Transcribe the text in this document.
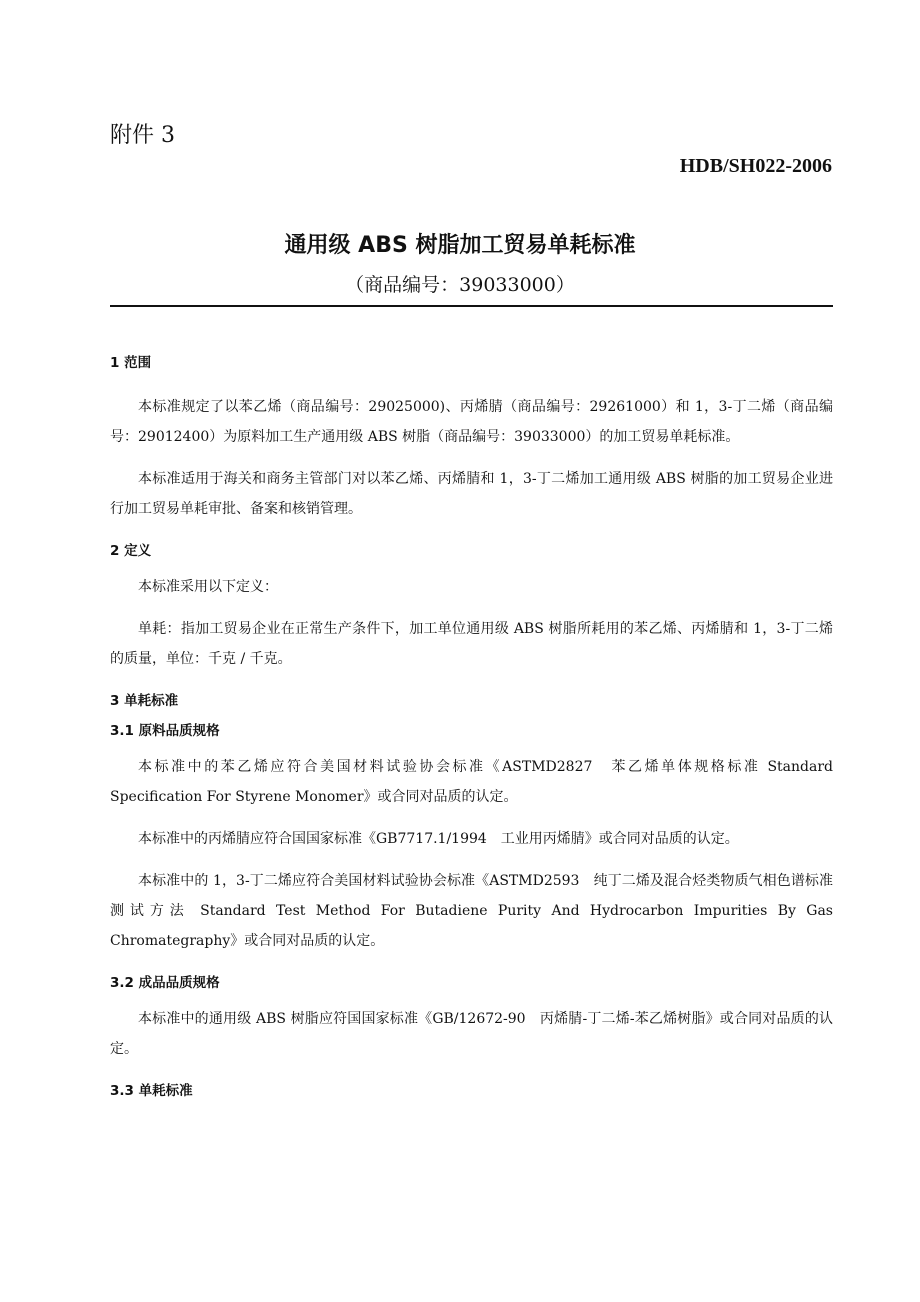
附件 3
HDB/SH022-2006
通用级 ABS 树脂加工贸易单耗标准
（商品编号：39033000）

1 范围

本标准规定了以苯乙烯（商品编号：29025000)、丙烯腈（商品编号：29261000）和 1，3-丁二烯（商品编号：29012400）为原料加工生产通用级 ABS 树脂（商品编号：39033000）的加工贸易单耗标准。

本标准适用于海关和商务主管部门对以苯乙烯、丙烯腈和 1，3-丁二烯加工通用级 ABS 树脂的加工贸易企业进行加工贸易单耗审批、备案和核销管理。

2 定义

本标准采用以下定义：

单耗：指加工贸易企业在正常生产条件下，加工单位通用级 ABS 树脂所耗用的苯乙烯、丙烯腈和 1，3-丁二烯的质量，单位：千克 / 千克。

3 单耗标准

3.1 原料品质规格

本标准中的苯乙烯应符合美国材料试验协会标准《ASTMD2827　苯乙烯单体规格标准 Standard Specification For Styrene Monomer》或合同对品质的认定。

本标准中的丙烯腈应符合国国家标准《GB7717.1/1994　工业用丙烯腈》或合同对品质的认定。

本标准中的 1，3-丁二烯应符合美国材料试验协会标准《ASTMD2593　纯丁二烯及混合烃类物质气相色谱标准测试方法 Standard Test Method For Butadiene Purity And Hydrocarbon Impurities By Gas Chromategraphy》或合同对品质的认定。

3.2 成品品质规格

本标准中的通用级 ABS 树脂应符国国家标准《GB/12672-90　丙烯腈-丁二烯-苯乙烯树脂》或合同对品质的认定。

3.3 单耗标准
